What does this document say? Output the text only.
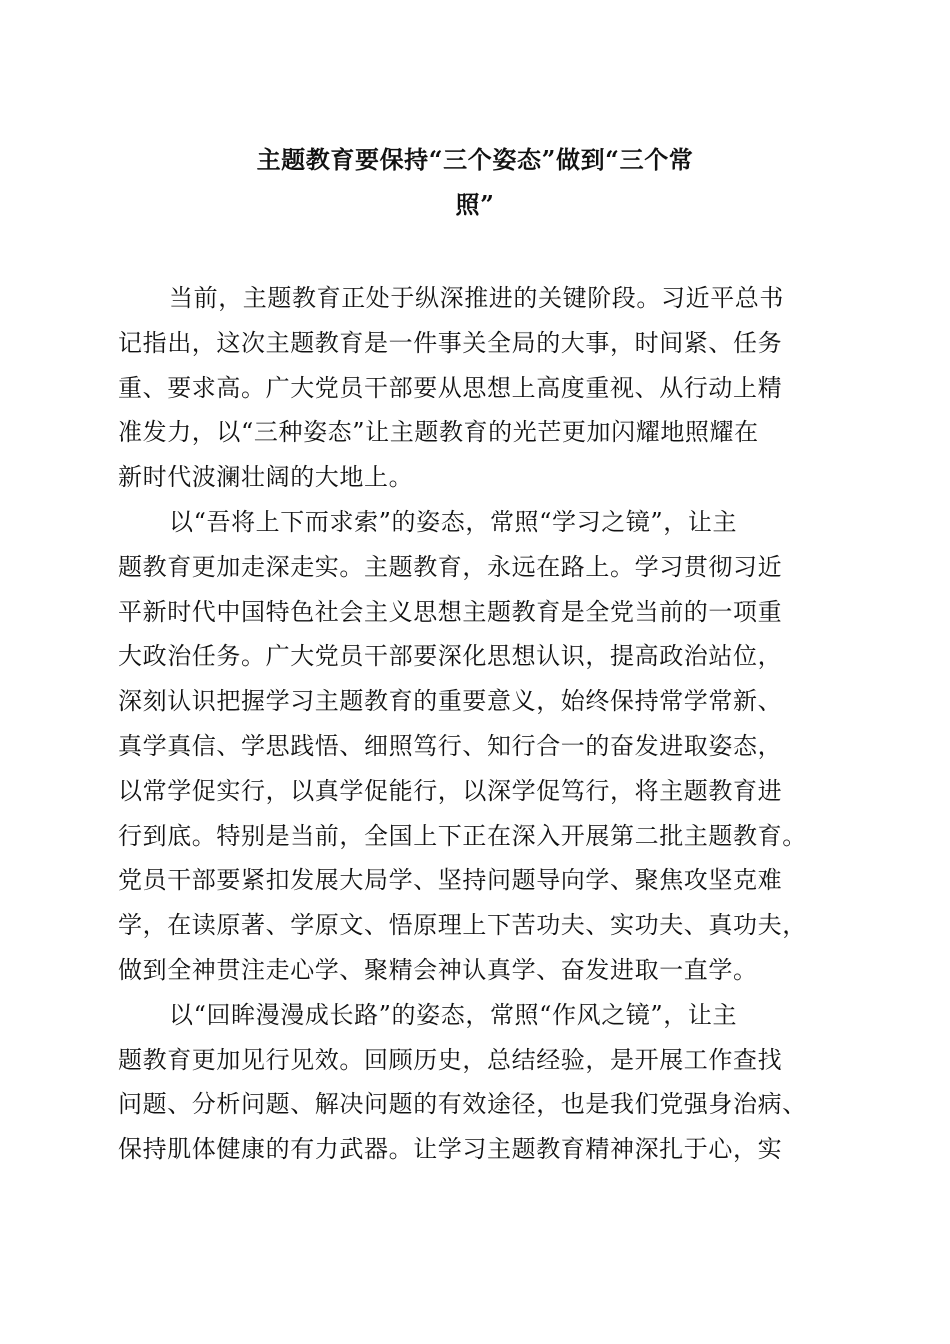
主题教育要保持“三个姿态”做到“三个常
照”
当前，主题教育正处于纵深推进的关键阶段。习近平总书
记指出，这次主题教育是一件事关全局的大事，时间紧、任务
重、要求高。广大党员干部要从思想上高度重视、从行动上精
准发力，以“三种姿态”让主题教育的光芒更加闪耀地照耀在
新时代波澜壮阔的大地上。
以“吾将上下而求索”的姿态，常照“学习之镜”，让主
题教育更加走深走实。主题教育，永远在路上。学习贯彻习近
平新时代中国特色社会主义思想主题教育是全党当前的一项重
大政治任务。广大党员干部要深化思想认识，提高政治站位，
深刻认识把握学习主题教育的重要意义，始终保持常学常新、
真学真信、学思践悟、细照笃行、知行合一的奋发进取姿态，
以常学促实行，以真学促能行，以深学促笃行，将主题教育进
行到底。特别是当前，全国上下正在深入开展第二批主题教育。
党员干部要紧扣发展大局学、坚持问题导向学、聚焦攻坚克难
学，在读原著、学原文、悟原理上下苦功夫、实功夫、真功夫，
做到全神贯注走心学、聚精会神认真学、奋发进取一直学。
以“回眸漫漫成长路”的姿态，常照“作风之镜”，让主
题教育更加见行见效。回顾历史，总结经验，是开展工作查找
问题、分析问题、解决问题的有效途径，也是我们党强身治病、
保持肌体健康的有力武器。让学习主题教育精神深扎于心，实
